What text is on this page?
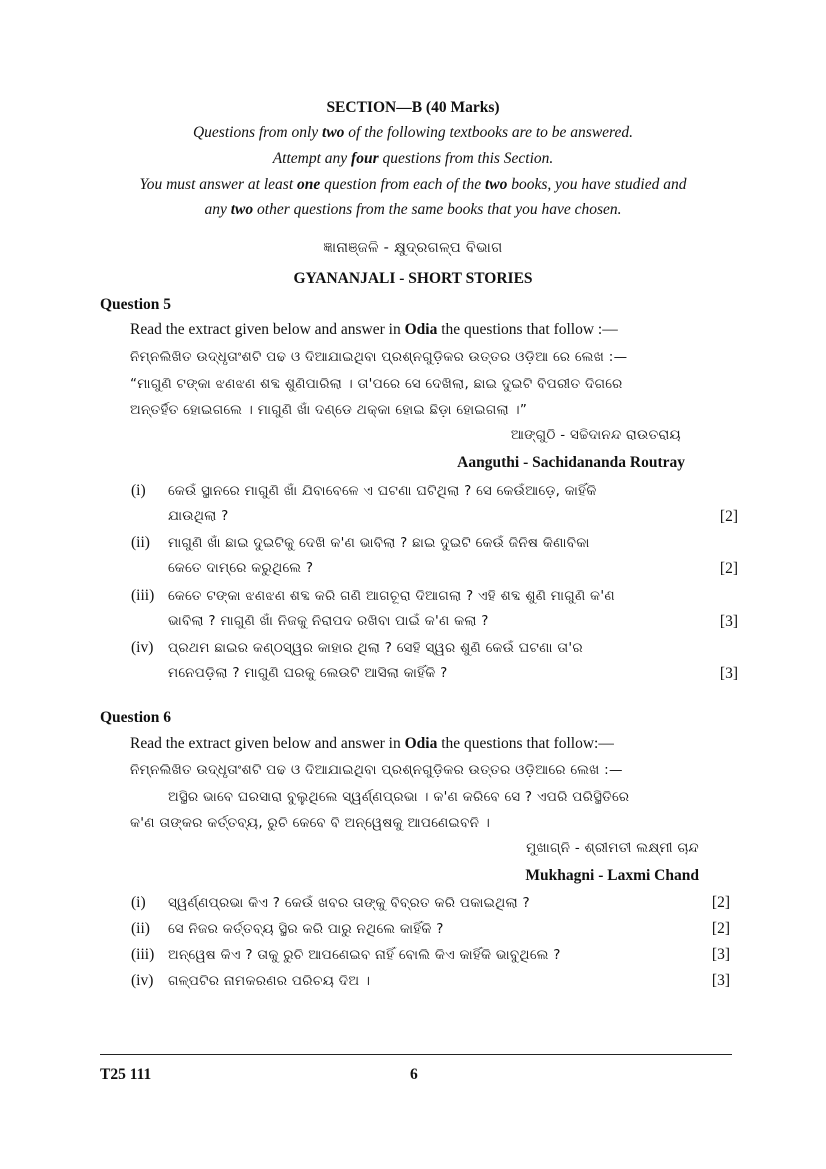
SECTION—B (40 Marks)
Questions from only two of the following textbooks are to be answered.
Attempt any four questions from this Section.
You must answer at least one question from each of the two books, you have studied and
any two other questions from the same books that you have chosen.
ଜ୍ଞାନାଞ୍ଜଳି - କ୍ଷୁଦ୍ରଗଳ୍ପ ବିଭାଗ
GYANANJALI - SHORT STORIES
Question 5
Read the extract given below and answer in Odia the questions that follow :—
ନିମ୍ନଲିଖିତ ଉଦ୍ଧୃତାଂଶଟି ପଢ ଓ ଦିଆଯାଇଥିବା ପ୍ରଶ୍ନଗୁଡ଼ିକର ଉତ୍ତର ଓଡ଼ିଆ ରେ ଲେଖ :—
“ମାଗୁଣି ଟଙ୍କା ଝଣଝଣ ଶବ୍ଦ ଶୁଣିପାରିଲା । ତା'ପରେ ସେ ଦେଖିଲା, ଛାଇ ଦୁଇଟି ବିପରୀତ ଦିଗରେ
ଅନ୍ତର୍ହିତ ହୋଇଗଲେ । ମାଗୁଣି ଖାଁ ଦଣ୍ଡେ ଥକ୍କା ହୋଇ ଛିଡ଼ା ହୋଇଗଲା ।”
ଆଙ୍ଗୁଠି - ସଚ୍ଚିଦାନନ୍ଦ ରାଉତରାୟ
Aanguthi - Sachidananda Routray
(i) କେଉଁ ସ୍ଥାନରେ ମାଗୁଣି ଖାଁ ଯିବାବେଳେ ଏ ଘଟଣା ଘଟିଥିଲା ? ସେ କେଉଁଆଡ଼େ, କାହିଁକି
ଯାଉଥିଲା ?	[2]
(ii) ମାଗୁଣି ଖାଁ ଛାଇ ଦୁଇଟିକୁ ଦେଖି କ'ଣ ଭାବିଲା ? ଛାଇ ଦୁଇଟି କେଉଁ ଜିନିଷ କିଣାବିକା
କେତେ ଦାମ୍‌ରେ କରୁଥିଲେ ?	[2]
(iii) କେତେ ଟଙ୍କା ଝଣଝଣ ଶବ୍ଦ କରି ଗଣି ଆଗଚୂରା ଦିଆଗଲା ? ଏହି ଶବ୍ଦ ଶୁଣି ମାଗୁଣି କ'ଣ
ଭାବିଲା ? ମାଗୁଣି ଖାଁ ନିଜକୁ ନିରାପଦ ରଖିବା ପାଇଁ କ'ଣ କଲା ?	[3]
(iv) ପ୍ରଥମ ଛାଇର କଣ୍ଠସ୍ୱର କାହାର ଥିଲା ? ସେହି ସ୍ୱର ଶୁଣି କେଉଁ ଘଟଣା ତା'ର
ମନେପଡ଼ିଲା ? ମାଗୁଣି ଘରକୁ ଲେଉଟି ଆସିଲା କାହିଁକି ?	[3]
Question 6
Read the extract given below and answer in Odia the questions that follow:—
ନିମ୍ନଲିଖିତ ଉଦ୍ଧୃତାଂଶଟି ପଢ ଓ ଦିଆଯାଇଥିବା ପ୍ରଶ୍ନଗୁଡ଼ିକର ଉତ୍ତର ଓଡ଼ିଆରେ ଲେଖ :—
ଅସ୍ଥିର ଭାବେ ଘରସାରା ବୁଲୁଥିଲେ ସ୍ୱର୍ଣ୍ଣପ୍ରଭା । କ'ଣ କରିବେ ସେ ? ଏପରି ପରିସ୍ଥିତିରେ
କ'ଣ ତାଙ୍କର କର୍ତ୍ତବ୍ୟ, ରୁଚି କେବେ ବି ଅନ୍ୱେଷକୁ ଆପଣେଇବନି ।
ମୁଖାଗ୍ନି - ଶ୍ରୀମତୀ ଲକ୍ଷ୍ମୀ ଚାନ୍ଦ
Mukhagni - Laxmi Chand
(i) ସ୍ୱର୍ଣ୍ଣପ୍ରଭା କିଏ ? କେଉଁ ଖବର ତାଙ୍କୁ ବିବ୍ରତ କରି ପକାଇଥିଲା ?	[2]
(ii) ସେ ନିଜର କର୍ତ୍ତବ୍ୟ ସ୍ଥିର କରି ପାରୁ ନଥିଲେ କାହିଁକି ?	[2]
(iii) ଅନ୍ୱେଷ କିଏ ? ତାକୁ ରୁଚି ଆପଣେଇବ ନାହିଁ ବୋଲି କିଏ କାହିଁକି ଭାବୁଥିଲେ ?	[3]
(iv) ଗଳ୍ପଟିର ନାମକରଣର ପରିଚୟ ଦିଅ ।	[3]
T25 111	6
